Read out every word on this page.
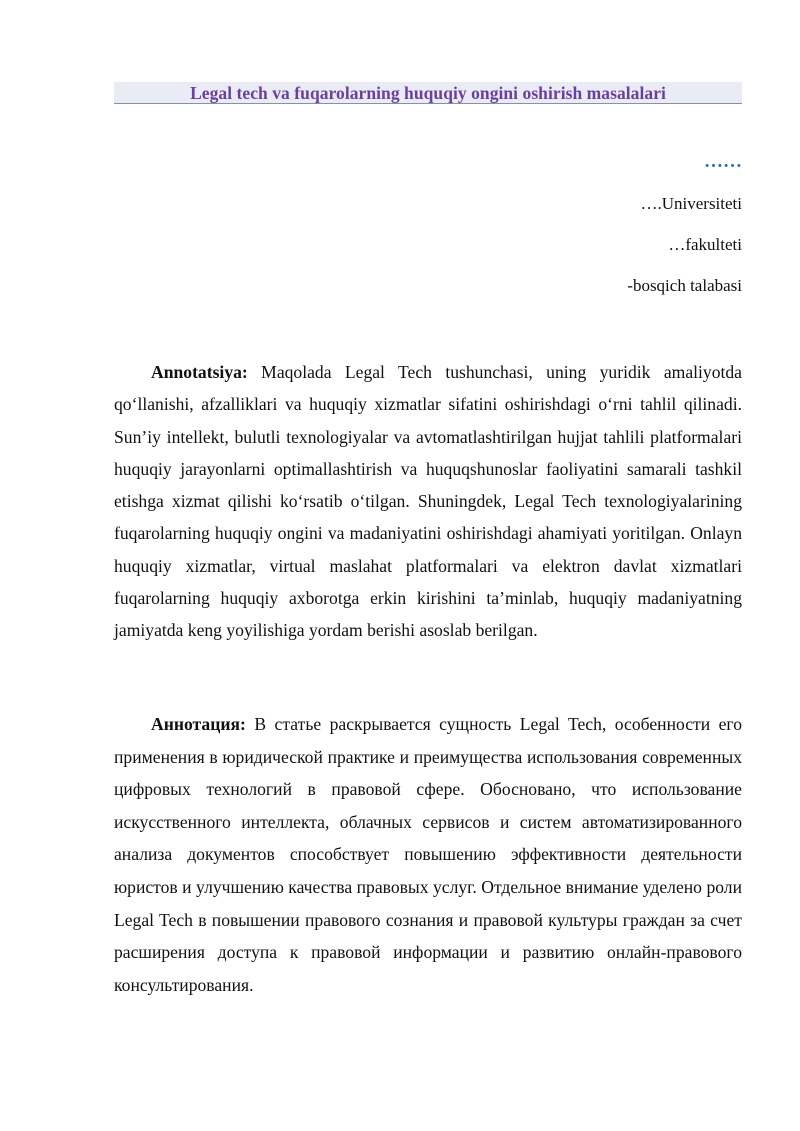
Legal tech va fuqarolarning huquqiy ongini oshirish masalalari
……
….Universiteti
…fakulteti
-bosqich talabasi

Annotatsiya: Maqolada Legal Tech tushunchasi, uning yuridik amaliyotda qo‘llanishi, afzalliklari va huquqiy xizmatlar sifatini oshirishdagi o‘rni tahlil qilinadi. Sun’iy intellekt, bulutli texnologiyalar va avtomatlashtirilgan hujjat tahlili platformalari huquqiy jarayonlarni optimallashtirish va huquqshunoslar faoliyatini samarali tashkil etishga xizmat qilishi ko‘rsatib o‘tilgan. Shuningdek, Legal Tech texnologiyalarining fuqarolarning huquqiy ongini va madaniyatini oshirishdagi ahamiyati yoritilgan. Onlayn huquqiy xizmatlar, virtual maslahat platformalari va elektron davlat xizmatlari fuqarolarning huquqiy axborotga erkin kirishini ta’minlab, huquqiy madaniyatning jamiyatda keng yoyilishiga yordam berishi asoslab berilgan.

Аннотация: В статье раскрывается сущность Legal Tech, особенности его применения в юридической практике и преимущества использования современных цифровых технологий в правовой сфере. Обосновано, что использование искусственного интеллекта, облачных сервисов и систем автоматизированного анализа документов способствует повышению эффективности деятельности юристов и улучшению качества правовых услуг. Отдельное внимание уделено роли Legal Tech в повышении правового сознания и правовой культуры граждан за счет расширения доступа к правовой информации и развитию онлайн-правового консультирования.
